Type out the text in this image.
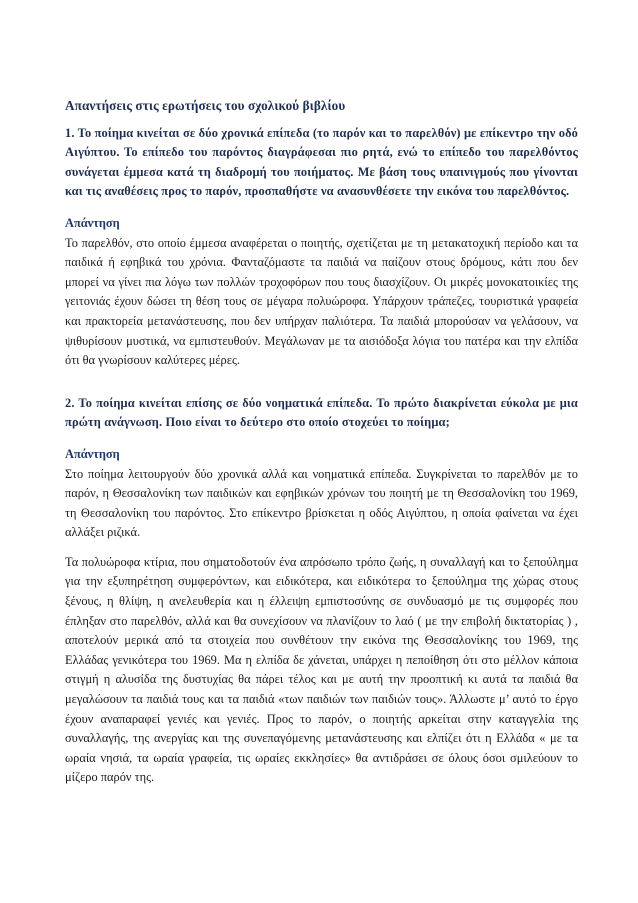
Απαντήσεις στις ερωτήσεις του σχολικού βιβλίου

1. Το ποίημα κινείται σε δύο χρονικά επίπεδα (το παρόν και το παρελθόν) με επίκεντρο την οδό Αιγύπτου. Το επίπεδο του παρόντος διαγράφεσαι πιο ρητά, ενώ το επίπεδο του παρελθόντος συνάγεται έμμεσα κατά τη διαδρομή του ποιήματος. Με βάση τους υπαινιγμούς που γίνονται και τις αναθέσεις προς το παρόν, προσπαθήστε να ανασυνθέσετε την εικόνα του παρελθόντος.

Απάντηση

Το παρελθόν, στο οποίο έμμεσα αναφέρεται ο ποιητής, σχετίζεται με τη μετακατοχική περίοδο και τα παιδικά ή εφηβικά του χρόνια. Φανταζόμαστε τα παιδιά να παίζουν στους δρόμους, κάτι που δεν μπορεί να γίνει πια λόγω των πολλών τροχοφόρων που τους διασχίζουν. Οι μικρές μονοκατοικίες της γειτονιάς έχουν δώσει τη θέση τους σε μέγαρα πολυώροφα. Υπάρχουν τράπεζες, τουριστικά γραφεία και πρακτορεία μετανάστευσης, που δεν υπήρχαν παλιότερα. Τα παιδιά μπορούσαν να γελάσουν, να ψιθυρίσουν μυστικά, να εμπιστευθούν. Μεγάλωναν με τα αισιόδοξα λόγια του πατέρα και την ελπίδα ότι θα γνωρίσουν καλύτερες μέρες.

2. Το ποίημα κινείται επίσης σε δύο νοηματικά επίπεδα. Το πρώτο διακρίνεται εύκολα με μια πρώτη ανάγνωση. Ποιο είναι το δεύτερο στο οποίο στοχεύει το ποίημα;

Απάντηση

Στο ποίημα λειτουργούν δύο χρονικά αλλά και νοηματικά επίπεδα. Συγκρίνεται το παρελθόν με το παρόν, η Θεσσαλονίκη των παιδικών και εφηβικών χρόνων του ποιητή με τη Θεσσαλονίκη του 1969, τη Θεσσαλονίκη του παρόντος. Στο επίκεντρο βρίσκεται η οδός Αιγύπτου, η οποία φαίνεται να έχει αλλάξει ριζικά.

Τα πολυώροφα κτίρια, που σηματοδοτούν ένα απρόσωπο τρόπο ζωής, η συναλλαγή και το ξεπούλημα για την εξυπηρέτηση συμφερόντων, και ειδικότερα, και ειδικότερα το ξεπούλημα της χώρας στους ξένους, η θλίψη, η ανελευθερία και η έλλειψη εμπιστοσύνης σε συνδυασμό με τις συμφορές που έπληξαν στο παρελθόν, αλλά και θα συνεχίσουν να πλανίζουν το λαό ( με την επιβολή δικτατορίας ) , αποτελούν μερικά από τα στοιχεία που συνθέτουν την εικόνα της Θεσσαλονίκης του 1969, της Ελλάδας γενικότερα του 1969. Μα η ελπίδα δε χάνεται, υπάρχει η πεποίθηση ότι στο μέλλον κάποια στιγμή η αλυσίδα της δυστυχίας θα πάρει τέλος και με αυτή την προοπτική κι αυτά τα παιδιά θα μεγαλώσουν τα παιδιά τους και τα παιδιά «των παιδιών των παιδιών τους». Άλλωστε μ’ αυτό το έργο έχουν αναπαραφεί γενιές και γενιές. Προς το παρόν, ο ποιητής αρκείται στην καταγγελία της συναλλαγής, της ανεργίας και της συνεπαγόμενης μετανάστευσης και ελπίζει ότι η Ελλάδα « με τα ωραία νησιά, τα ωραία γραφεία, τις ωραίες εκκλησίες» θα αντιδράσει σε όλους όσοι σμιλεύουν το μίζερο παρόν της.
